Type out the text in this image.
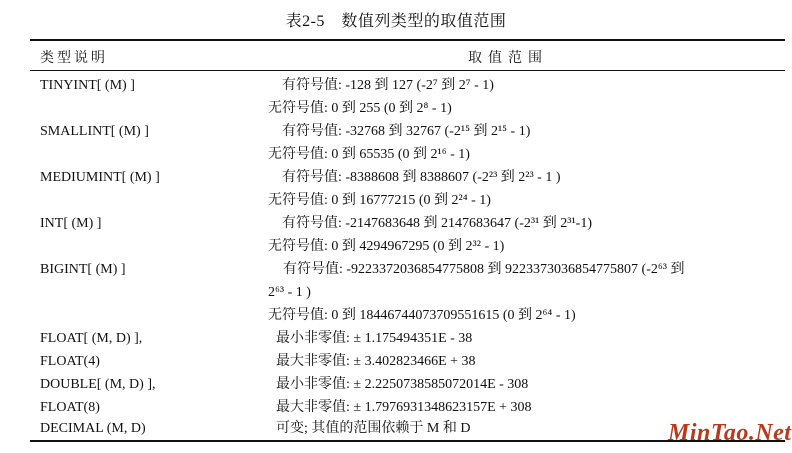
表2-5　数值列类型的取值范围
类型说明	取值范围
TINYINT[ (M) ]	有符号值: -128 到 127 (-2⁷ 到 2⁷ - 1)
无符号值: 0 到 255 (0 到 2⁸ - 1)
SMALLINT[ (M) ]	有符号值: -32768 到 32767 (-2¹⁵ 到 2¹⁵ - 1)
无符号值: 0 到 65535 (0 到 2¹⁶ - 1)
MEDIUMINT[ (M) ]	有符号值: -8388608 到 8388607 (-2²³ 到 2²³ - 1 )
无符号值: 0 到 16777215 (0 到 2²⁴ - 1)
INT[ (M) ]	有符号值: -2147683648 到 2147683647 (-2³¹ 到 2³¹-1)
无符号值: 0 到 4294967295 (0 到 2³² - 1)
BIGINT[ (M) ]	有符号值: -9223372036854775808 到 9223373036854775807 (-2⁶³ 到
2⁶³ - 1 )
无符号值: 0 到 18446744073709551615 (0 到 2⁶⁴ - 1)
FLOAT[ (M, D) ],	最小非零值: ± 1.175494351E - 38
FLOAT(4)	最大非零值: ± 3.402823466E + 38
DOUBLE[ (M, D) ],	最小非零值: ± 2.2250738585072014E - 308
FLOAT(8)	最大非零值: ± 1.7976931348623157E + 308
DECIMAL (M, D)	可变; 其值的范围依赖于 M 和 D	MinTao.Net
